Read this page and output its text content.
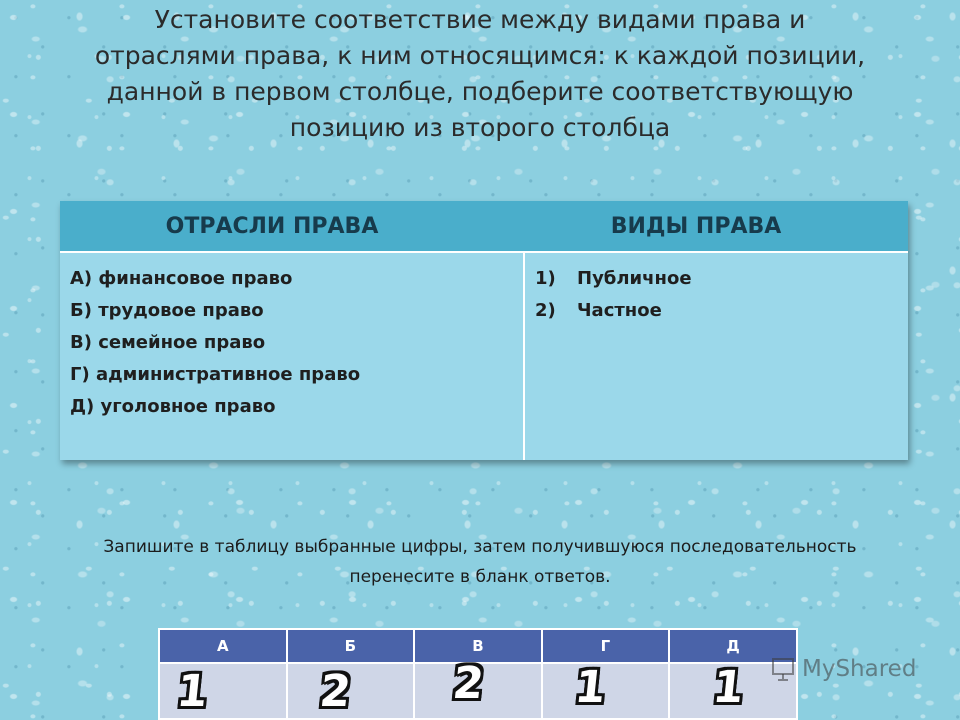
Установите соответствие между видами права и
отраслями права, к ним относящимся: к каждой позиции,
данной в первом столбце, подберите соответствующую
позицию из второго столбца
ОТРАСЛИ ПРАВА	ВИДЫ ПРАВА
А) финансовое право
Б) трудовое право
В) семейное право
Г) административное право
Д) уголовное право
1) Публичное
2) Частное
Запишите в таблицу выбранные цифры, затем получившуюся последовательность
перенесите в бланк ответов.
А	Б	В	Г	Д
1	2	2	1	1 MyShared
